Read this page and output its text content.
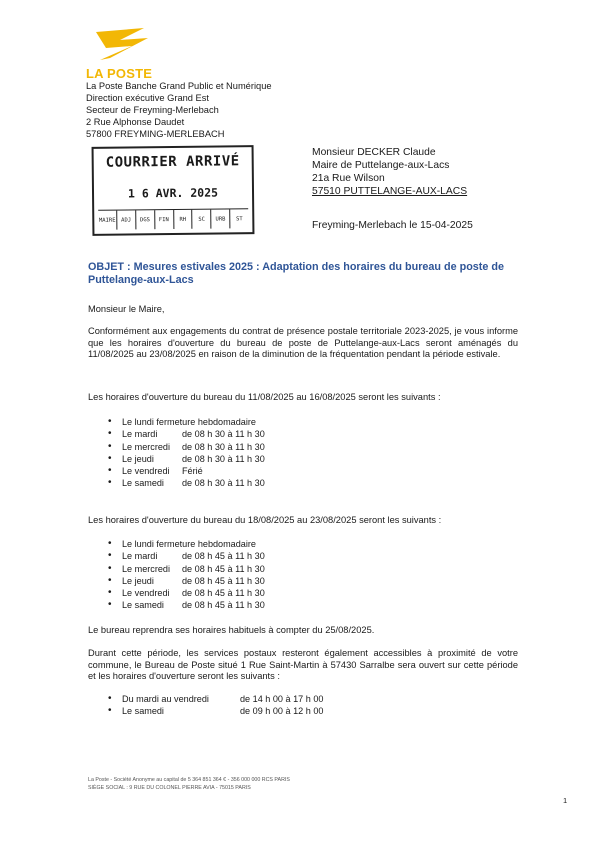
LA POSTE
La Poste Banche Grand Public et Numérique
Direction exécutive Grand Est
Secteur de Freyming-Merlebach
2 Rue Alphonse Daudet
57800 FREYMING-MERLEBACH
COURRIER ARRIVÉ
1 6 AVR. 2025
MAIRE	ADJ	DGS	FIN	RH	SC	URB	ST
Monsieur DECKER Claude
Maire de Puttelange-aux-Lacs
21a Rue Wilson
57510 PUTTELANGE-AUX-LACS
Freyming-Merlebach le 15-04-2025
OBJET : Mesures estivales 2025 : Adaptation des horaires du bureau de poste de Puttelange-aux-Lacs
Monsieur le Maire,
Conformément aux engagements du contrat de présence postale territoriale 2023-2025, je vous informe que les horaires d'ouverture du bureau de poste de Puttelange-aux-Lacs seront aménagés du 11/08/2025 au 23/08/2025 en raison de la diminution de la fréquentation pendant la période estivale.
Les horaires d'ouverture du bureau du 11/08/2025 au 16/08/2025 seront les suivants :
• Le lundi fermeture hebdomadaire
• Le mardi	de 08 h 30 à 11 h 30
• Le mercredi	de 08 h 30 à 11 h 30
• Le jeudi	de 08 h 30 à 11 h 30
• Le vendredi	Férié
• Le samedi	de 08 h 30 à 11 h 30
Les horaires d'ouverture du bureau du 18/08/2025 au 23/08/2025 seront les suivants :
• Le lundi fermeture hebdomadaire
• Le mardi	de 08 h 45 à 11 h 30
• Le mercredi	de 08 h 45 à 11 h 30
• Le jeudi	de 08 h 45 à 11 h 30
• Le vendredi	de 08 h 45 à 11 h 30
• Le samedi	de 08 h 45 à 11 h 30
Le bureau reprendra ses horaires habituels à compter du 25/08/2025.
Durant cette période, les services postaux resteront également accessibles à proximité de votre commune, le Bureau de Poste situé 1 Rue Saint-Martin à 57430 Sarralbe sera ouvert sur cette période et les horaires d'ouverture seront les suivants :
• Du mardi au vendredi	de 14 h 00 à 17 h 00
• Le samedi	de 09 h 00 à 12 h 00
La Poste - Société Anonyme au capital de 5 364 851 364 € - 356 000 000 RCS PARIS
SIÈGE SOCIAL : 9 RUE DU COLONEL PIERRE AVIA - 75015 PARIS
1
